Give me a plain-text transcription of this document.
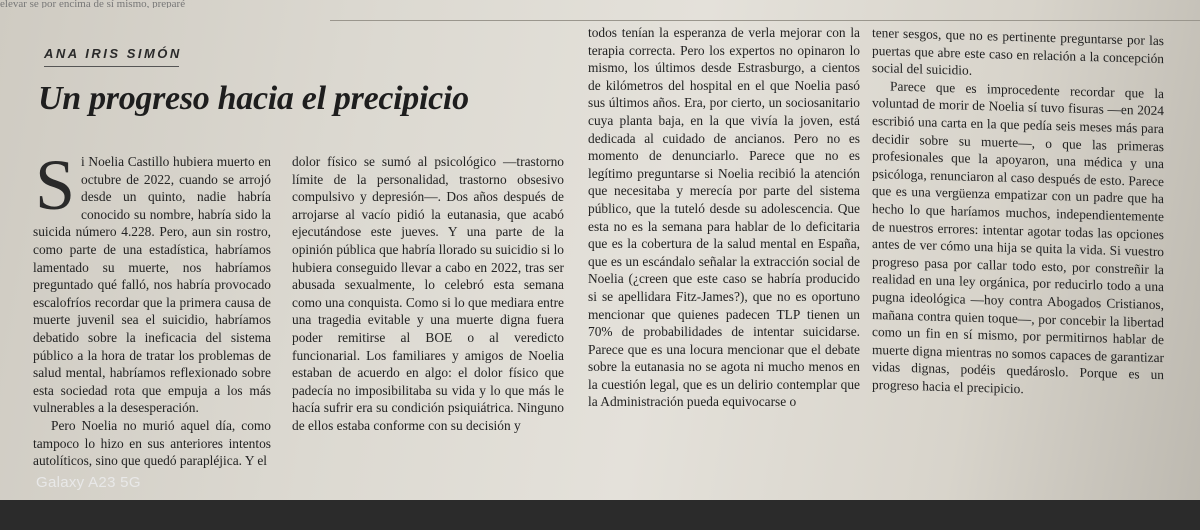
elevar se por encima de sí mismo, preparé
ANA IRIS SIMÓN
Un progreso hacia el precipicio

Si Noelia Castillo hubiera muerto en octubre de 2022, cuando se arrojó desde un quinto, nadie habría conocido su nombre, habría sido la suicida número 4.228. Pero, aun sin rostro, como parte de una estadística, habríamos lamentado su muerte, nos habríamos preguntado qué falló, nos habría provocado escalofríos recordar que la primera causa de muerte juvenil sea el suicidio, habríamos debatido sobre la ineficacia del sistema público a la hora de tratar los problemas de salud mental, habríamos reflexionado sobre esta sociedad rota que empuja a los más vulnerables a la desesperación.

Pero Noelia no murió aquel día, como tampoco lo hizo en sus anteriores intentos autolíticos, sino que quedó parapléjica. Y el

dolor físico se sumó al psicológico —trastorno límite de la personalidad, trastorno obsesivo compulsivo y depresión—. Dos años después de arrojarse al vacío pidió la eutanasia, que acabó ejecutándose este jueves. Y una parte de la opinión pública que habría llorado su suicidio si lo hubiera conseguido llevar a cabo en 2022, tras ser abusada sexualmente, lo celebró esta semana como una conquista. Como si lo que mediara entre una tragedia evitable y una muerte digna fuera poder remitirse al BOE o al veredicto funcionarial. Los familiares y amigos de Noelia estaban de acuerdo en algo: el dolor físico que padecía no imposibilitaba su vida y lo que más le hacía sufrir era su condición psiquiátrica. Ninguno de ellos estaba conforme con su decisión y

todos tenían la esperanza de verla mejorar con la terapia correcta. Pero los expertos no opinaron lo mismo, los últimos desde Estrasburgo, a cientos de kilómetros del hospital en el que Noelia pasó sus últimos años. Era, por cierto, un sociosanitario cuya planta baja, en la que vivía la joven, está dedicada al cuidado de ancianos. Pero no es momento de denunciarlo. Parece que no es legítimo preguntarse si Noelia recibió la atención que necesitaba y merecía por parte del sistema público, que la tuteló desde su adolescencia. Que esta no es la semana para hablar de lo deficitaria que es la cobertura de la salud mental en España, que es un escándalo señalar la extracción social de Noelia (¿creen que este caso se habría producido si se apellidara Fitz-James?), que no es oportuno mencionar que quienes padecen TLP tienen un 70% de probabilidades de intentar suicidarse. Parece que es una locura mencionar que el debate sobre la eutanasia no se agota ni mucho menos en la cuestión legal, que es un delirio contemplar que la Administración pueda equivocarse o

tener sesgos, que no es pertinente preguntarse por las puertas que abre este caso en relación a la concepción social del suicidio.

Parece que es improcedente recordar que la voluntad de morir de Noelia sí tuvo fisuras —en 2024 escribió una carta en la que pedía seis meses más para decidir sobre su muerte—, o que las primeras profesionales que la apoyaron, una médica y una psicóloga, renunciaron al caso después de esto. Parece que es una vergüenza empatizar con un padre que ha hecho lo que haríamos muchos, independientemente de nuestros errores: intentar agotar todas las opciones antes de ver cómo una hija se quita la vida. Si vuestro progreso pasa por callar todo esto, por constreñir la realidad en una ley orgánica, por reducirlo todo a una pugna ideológica —hoy contra Abogados Cristianos, mañana contra quien toque—, por concebir la libertad como un fin en sí mismo, por permitirnos hablar de muerte digna mientras no somos capaces de garantizar vidas dignas, podéis quedároslo. Porque es un progreso hacia el precipicio.

Galaxy A23 5G
